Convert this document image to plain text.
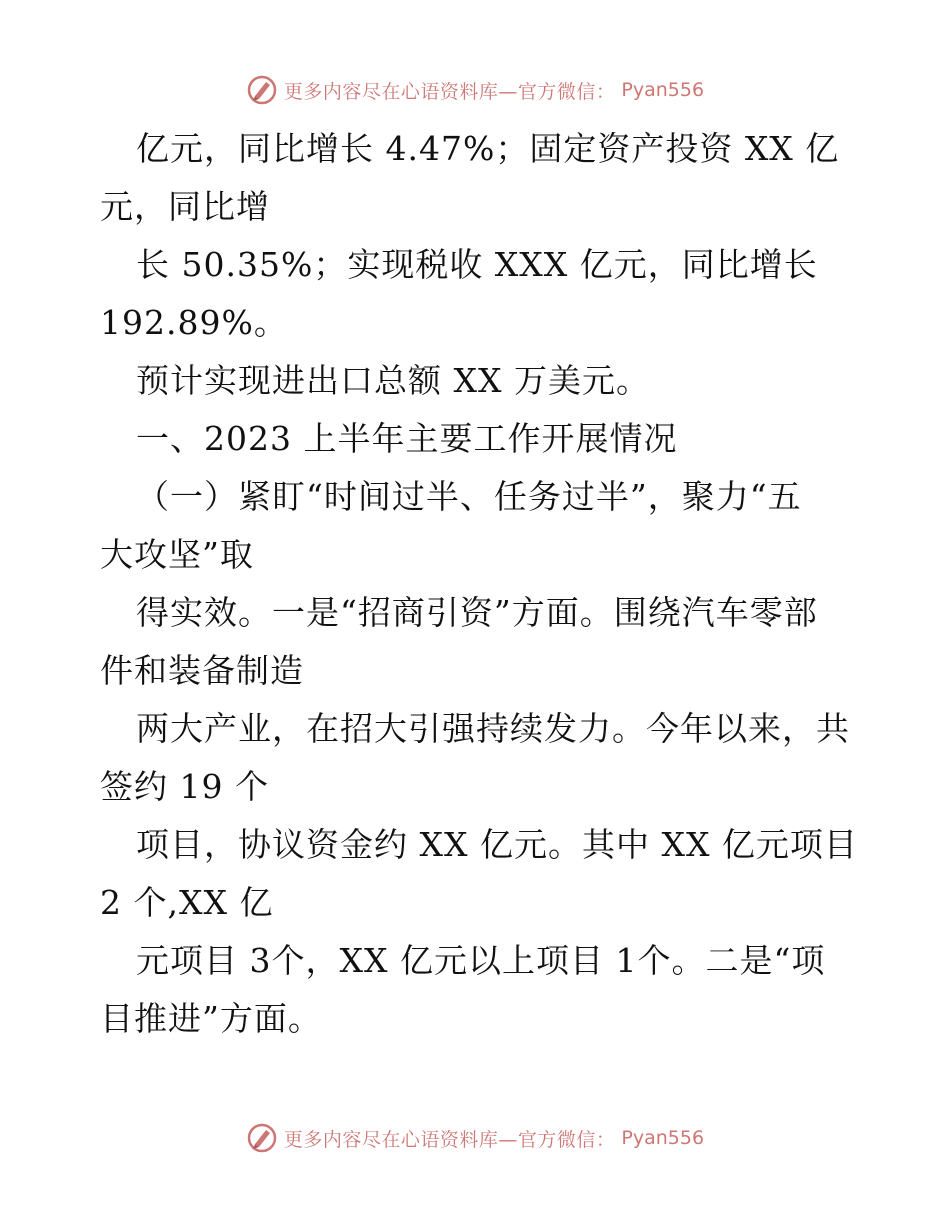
更多内容尽在心语资料库—官方微信： Pyan556
亿元，同比增长 4.47%；固定资产投资 XX 亿
元，同比增
长 50.35%；实现税收 XXX 亿元，同比增长
192.89%。
预计实现进出口总额 XX 万美元。
一、2023 上半年主要工作开展情况
（一）紧盯“时间过半、任务过半”，聚力“五
大攻坚”取
得实效。一是“招商引资”方面。围绕汽车零部
件和装备制造
两大产业，在招大引强持续发力。今年以来，共
签约 19 个
项目，协议资金约 XX 亿元。其中 XX 亿元项目
2 个,XX 亿
元项目 3个，XX 亿元以上项目 1个。二是“项
目推进”方面。
更多内容尽在心语资料库—官方微信： Pyan556
